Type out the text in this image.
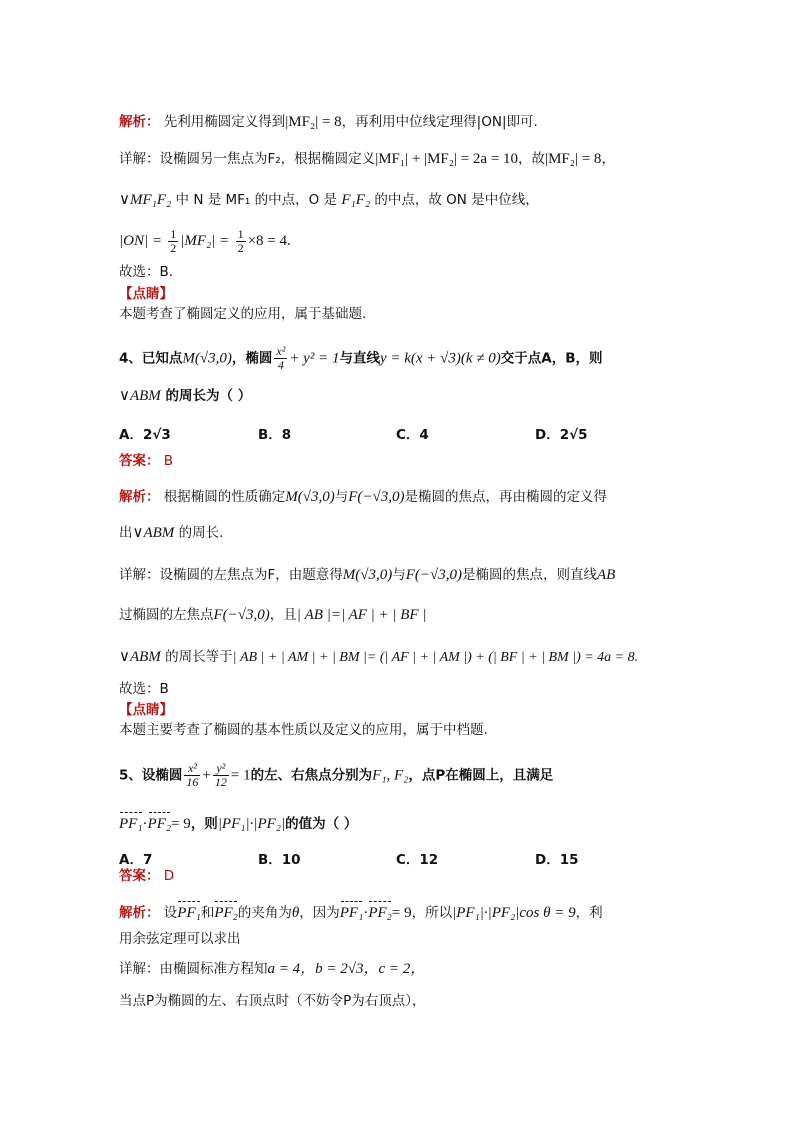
解析： 先利用椭圆定义得到|MF₂| = 8，再利用中位线定理得|ON|即可.
详解：设椭圆另一焦点为F₂，根据椭圆定义|MF₁| + |MF₂| = 2a = 10，故|MF₂| = 8，
∨MF₁F₂ 中 N 是 MF₁ 的中点，O 是 F₁F₂ 的中点，故 ON 是中位线，
$|ON| = \frac{1}{2} |MF_2| = \frac{1}{2} \times 8 = 4$.
故选：B.
【点睛】
本题考查了椭圆定义的应用，属于基础题.
4、已知点M(√3,0)，椭圆 $\frac{\text{x²}}{4} + y^2 = 1$与直线y = k(x + √3)(k ≠ 0)交于点A，B，则
∨ABM 的周长为（ ）
A．2√3	B．8	C．4	D．2√5
答案： B
解析： 根据椭圆的性质确定M(√3,0)与F(−√3,0)是椭圆的焦点，再由椭圆的定义得
出∨ABM 的周长.
详解：设椭圆的左焦点为F，由题意得M(√3,0)与F(−√3,0)是椭圆的焦点，则直线AB
过椭圆的左焦点F(−√3,0)，且| AB |=| AF | + | BF |
∨ABM 的周长等于| AB | + | AM | + | BM |= (| AF | + | AM |) + (| BF | + | BM |) = 4a = 8.
故选：B
【点睛】
本题主要考查了椭圆的基本性质以及定义的应用，属于中档题.
5、设椭圆 $\frac{\text{x²}}{16} + \frac{\text{y²}}{12} = 1$的左、右焦点分别为F₁, F₂，点P在椭圆上，且满足
PF₁·PF₂= 9，则|PF₁|·|PF₂|的值为（ ）
A．7	B．10	C．12	D．15
答案： D
解析： 设PF₁和PF₂的夹角为θ，因为PF₁·PF₂= 9，所以|PF₁|·|PF₂|cos θ = 9，利
用余弦定理可以求出
详解：由椭圆标准方程知a = 4，b = 2√3，c = 2，
当点P为椭圆的左、右顶点时（不妨令P为右顶点），
